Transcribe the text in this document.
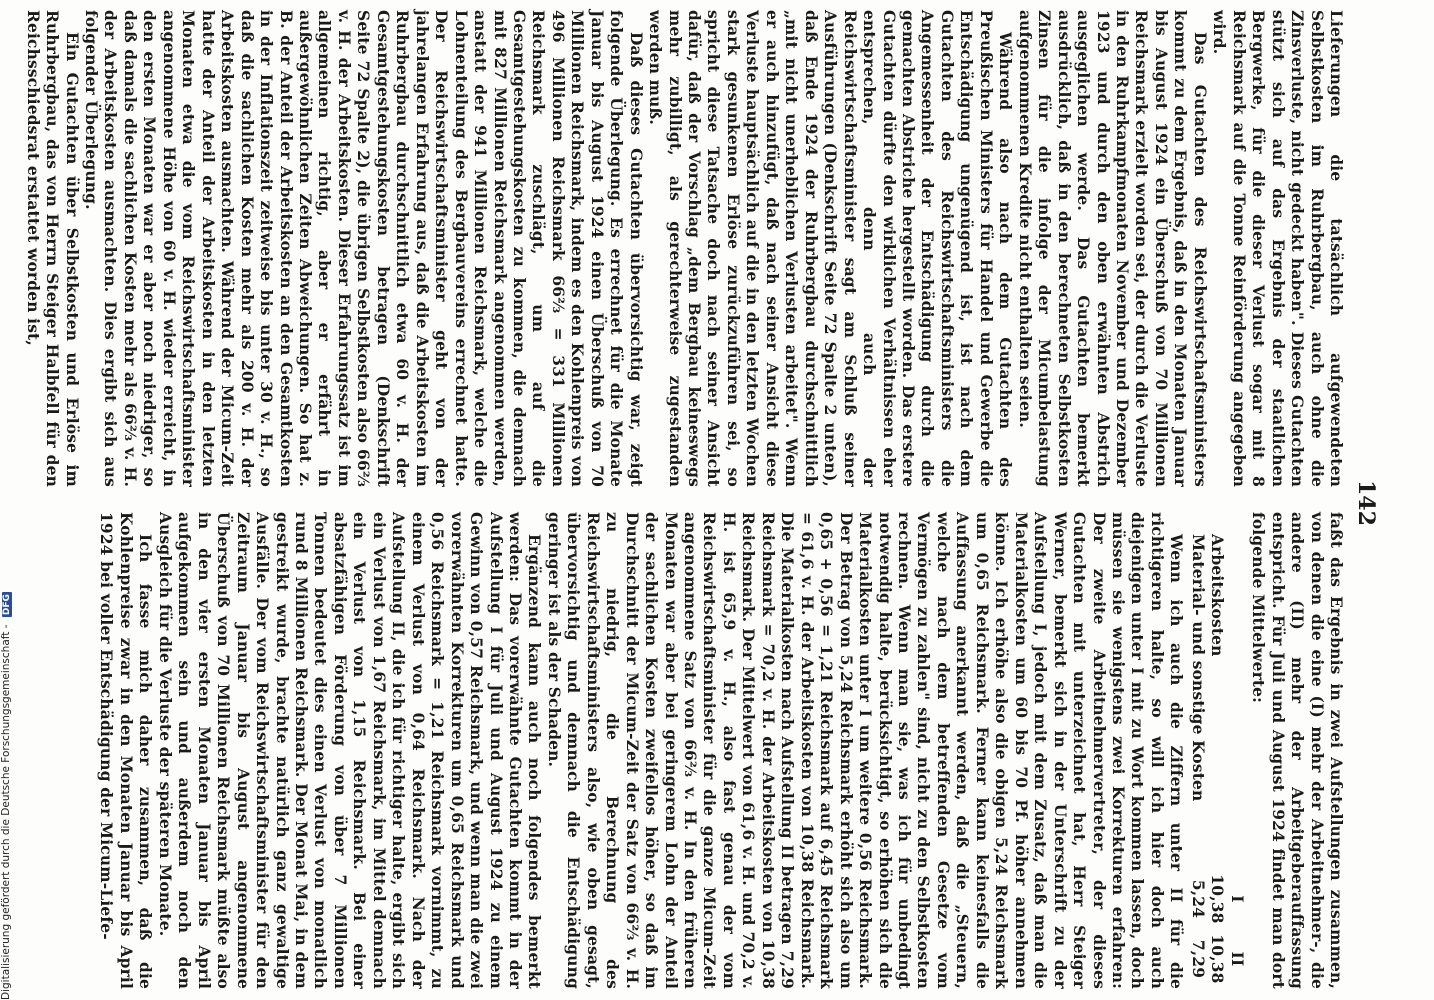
142

Lieferungen die tatsächlich aufgewendeten Selbstkosten im Ruhrbergbau, auch ohne die Zinsverluste, nicht gedeckt haben". Dieses Gutachten stützt sich auf das Ergebnis der staatlichen Bergwerke, für die dieser Verlust sogar mit 8 Reichsmark auf die Tonne Reinförderung angegeben wird.

Das Gutachten des Reichswirtschaftsministers kommt zu dem Ergebnis, daß in den Monaten Januar bis August 1924 ein Überschuß von 70 Millionen Reichsmark erzielt worden sei, der durch die Verluste in den Ruhrkampfmonaten November und Dezember 1923 und durch den oben erwähnten Abstrich ausgeglichen werde. Das Gutachten bemerkt ausdrücklich, daß in den berechneten Selbstkosten Zinsen für die infolge der Micumbelastung aufgenommenen Kredite nicht enthalten seien.

Während also nach dem Gutachten des Preußischen Ministers für Handel und Gewerbe die Entschädigung ungenügend ist, ist nach dem Gutachten des Reichswirtschaftsministers die Angemessenheit der Entschädigung durch die gemachten Abstriche hergestellt worden. Das erstere Gutachten dürfte den wirklichen Verhältnissen eher entsprechen, denn auch der Reichswirtschaftsminister sagt am Schluß seiner Ausführungen (Denkschrift Seite 72 Spalte 2 unten), daß Ende 1924 der Ruhrbergbau durchschnittlich „mit nicht unerheblichen Verlusten arbeitet". Wenn er auch hinzufügt, daß nach seiner Ansicht diese Verluste hauptsächlich auf die in den letzten Wochen stark gesunkenen Erlöse zurückzuführen sei, so spricht diese Tatsache doch nach seiner Ansicht dafür, daß der Vorschlag „dem Bergbau keineswegs mehr zubilligt, als gerechterweise zugestanden werden muß.

Daß dieses Gutachten übervorsichtig war, zeigt folgende Überlegung. Es errechnet für die Monate Januar bis August 1924 einen Überschuß von 70 Millionen Reichsmark, indem es den Kohlenpreis von 496 Millionen Reichsmark 66⅔ = 331 Millionen Reichsmark zuschlägt, um auf die Gesamtgestehungskosten zu kommen, die demnach mit 827 Millionen Reichsmark angenommen werden, anstatt der 941 Millionen Reichsmark, welche die Lohnenteilung des Bergbauvereins errechnet hatte. Der Reichswirtschaftsminister geht von der jahrelangen Erfahrung aus, daß die Arbeitskosten im Ruhrbergbau durchschnittlich etwa 60 v. H. der Gesamtgestehungskosten betragen (Denkschrift Seite 72 Spalte 2), die übrigen Selbstkosten also 66⅔ v. H. der Arbeitskosten. Dieser Erfahrungssatz ist im allgemeinen richtig, aber er erfährt in außergewöhnlichen Zeiten Abweichungen. So hat z. B. der Anteil der Arbeitskosten an den Gesamtkosten in der Inflationszeit zeitweise bis unter 30 v. H., so daß die sachlichen Kosten mehr als 200 v. H. der Arbeitskosten ausmachten. Während der Micum-Zeit hatte der Anteil der Arbeitskosten in den letzten Monaten etwa die vom Reichswirtschaftsminister angenommene Höhe von 60 v. H. wieder erreicht, in den ersten Monaten war er aber noch niedriger, so daß damals die sachlichen Kosten mehr als 66⅔ v. H. der Arbeitskosten ausmachten. Dies ergibt sich aus folgender Überlegung.

Ein Gutachten über Selbstkosten und Erlöse im Ruhrbergbau, das von Herrn Steiger Halbfell für den Reichsschiedsrat erstattet worden ist,

faßt das Ergebnis in zwei Aufstellungen zusammen, von denen die eine (I) mehr der Arbeitnehmer-, die andere (II) mehr der Arbeitgeberauffassung entspricht. Für Juli und August 1924 findet man dort folgende Mittelwerte:

I
II
Arbeitskosten
10,38
10,38
Material- und sonstige Kosten
5,24
7,29

Wenn ich auch die Ziffern unter II für die richtigeren halte, so will ich hier doch auch diejenigen unter I mit zu Wort kommen lassen, doch müssen sie wenigstens zwei Korrekturen erfahren: Der zweite Arbeitnehmervertreter, der dieses Gutachten mit unterzeichnet hat, Herr Steiger Werner, bemerkt sich in der Unterschrift zu der Aufstellung I, jedoch mit dem Zusatz, daß man die Materialkosten um 60 bis 70 Pf. höher annehmen könne. Ich erhöhe also die obigen 5,24 Reichsmark um 0,65 Reichsmark. Ferner kann keinesfalls die Auffassung anerkannt werden, daß die „Steuern, welche nach dem betreffenden Gesetze vom Vermögen zu zahlen" sind, nicht zu den Selbstkosten rechnen. Wenn man sie, was ich für unbedingt notwendig halte, berücksichtigt, so erhöhen sich die Materialkosten unter I um weitere 0,56 Reichsmark. Der Betrag von 5,24 Reichsmark erhöht sich also um 0,65 + 0,56 = 1,21 Reichsmark auf 6,45 Reichsmark = 61,6 v. H. der Arbeitskosten von 10,38 Reichsmark. Die Materialkosten nach Aufstellung II betragen 7,29 Reichsmark = 70,2 v. H. der Arbeitskosten von 10,38 Reichsmark. Der Mittelwert von 61,6 v. H. und 70,2 v. H. ist 65,9 v. H., also fast genau der vom Reichswirtschaftsminister für die ganze Micum-Zeit angenommene Satz von 66⅔ v. H. In den früheren Monaten war aber bei geringerem Lohn der Anteil der sachlichen Kosten zweifellos höher, so daß im Durchschnitt der Micum-Zeit der Satz von 66⅔ v. H. zu niedrig, die Berechnung des Reichswirtschaftsministers also, wie oben gesagt, übervorsichtig und demnach die Entschädigung geringer ist als der Schaden.

Ergänzend kann auch noch folgendes bemerkt werden: Das vorerwähnte Gutachten kommt in der Aufstellung I für Juli und August 1924 zu einem Gewinn von 0,57 Reichsmark, und wenn man die zwei vorerwähnten Korrekturen um 0,65 Reichsmark und 0,56 Reichsmark = 1,21 Reichsmark vornimmt, zu einem Verlust von 0,64 Reichsmark. Nach der Aufstellung II, die ich für richtiger halte, ergibt sich ein Verlust von 1,67 Reichsmark, im Mittel demnach ein Verlust von 1,15 Reichsmark. Bei einer absatzfähigen Förderung von über 7 Millionen Tonnen bedeutet dies einen Verlust von monatlich rund 8 Millionen Reichsmark. Der Monat Mai, in dem gestreikt wurde, brachte natürlich ganz gewaltige Ausfälle. Der vom Reichswirtschaftsminister für den Zeitraum Januar bis August angenommene Überschuß von 70 Millionen Reichsmark müßte also in den vier ersten Monaten Januar bis April aufgekommen sein und außerdem noch den Ausgleich für die Verluste der späteren Monate.

Ich fasse mich daher zusammen, daß die Kohlenpreise zwar in den Monaten Januar bis April 1924 bei voller Entschädigung der Micum-Liefe-

Digitalisierung gefördert durch die Deutsche Forschungsgemeinschaft - DFG
